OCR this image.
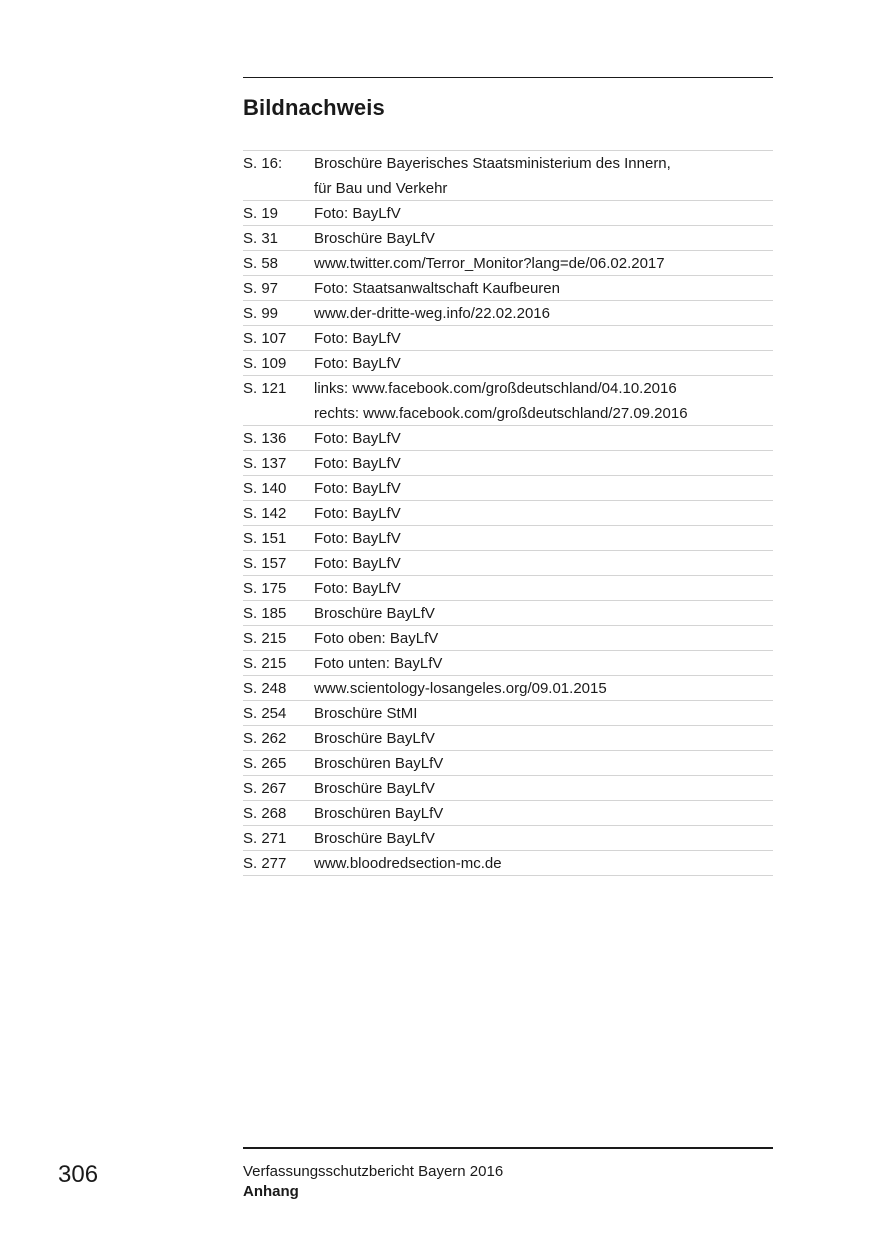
Bildnachweis
S. 16:	Broschüre Bayerisches Staatsministerium des Innern,
für Bau und Verkehr
S. 19	Foto: BayLfV
S. 31	Broschüre BayLfV
S. 58	www.twitter.com/Terror_Monitor?lang=de/06.02.2017
S. 97	Foto: Staatsanwaltschaft Kaufbeuren
S. 99	www.der-dritte-weg.info/22.02.2016
S. 107	Foto: BayLfV
S. 109	Foto: BayLfV
S. 121	links: www.facebook.com/großdeutschland/04.10.2016
rechts: www.facebook.com/großdeutschland/27.09.2016
S. 136	Foto: BayLfV
S. 137	Foto: BayLfV
S. 140	Foto: BayLfV
S. 142	Foto: BayLfV
S. 151	Foto: BayLfV
S. 157	Foto: BayLfV
S. 175	Foto: BayLfV
S. 185	Broschüre BayLfV
S. 215	Foto oben: BayLfV
S. 215	Foto unten: BayLfV
S. 248	www.scientology-losangeles.org/09.01.2015
S. 254	Broschüre StMI
S. 262	Broschüre BayLfV
S. 265	Broschüren BayLfV
S. 267	Broschüre BayLfV
S. 268	Broschüren BayLfV
S. 271	Broschüre BayLfV
S. 277	www.bloodredsection-mc.de
306	Verfassungsschutzbericht Bayern 2016
Anhang
